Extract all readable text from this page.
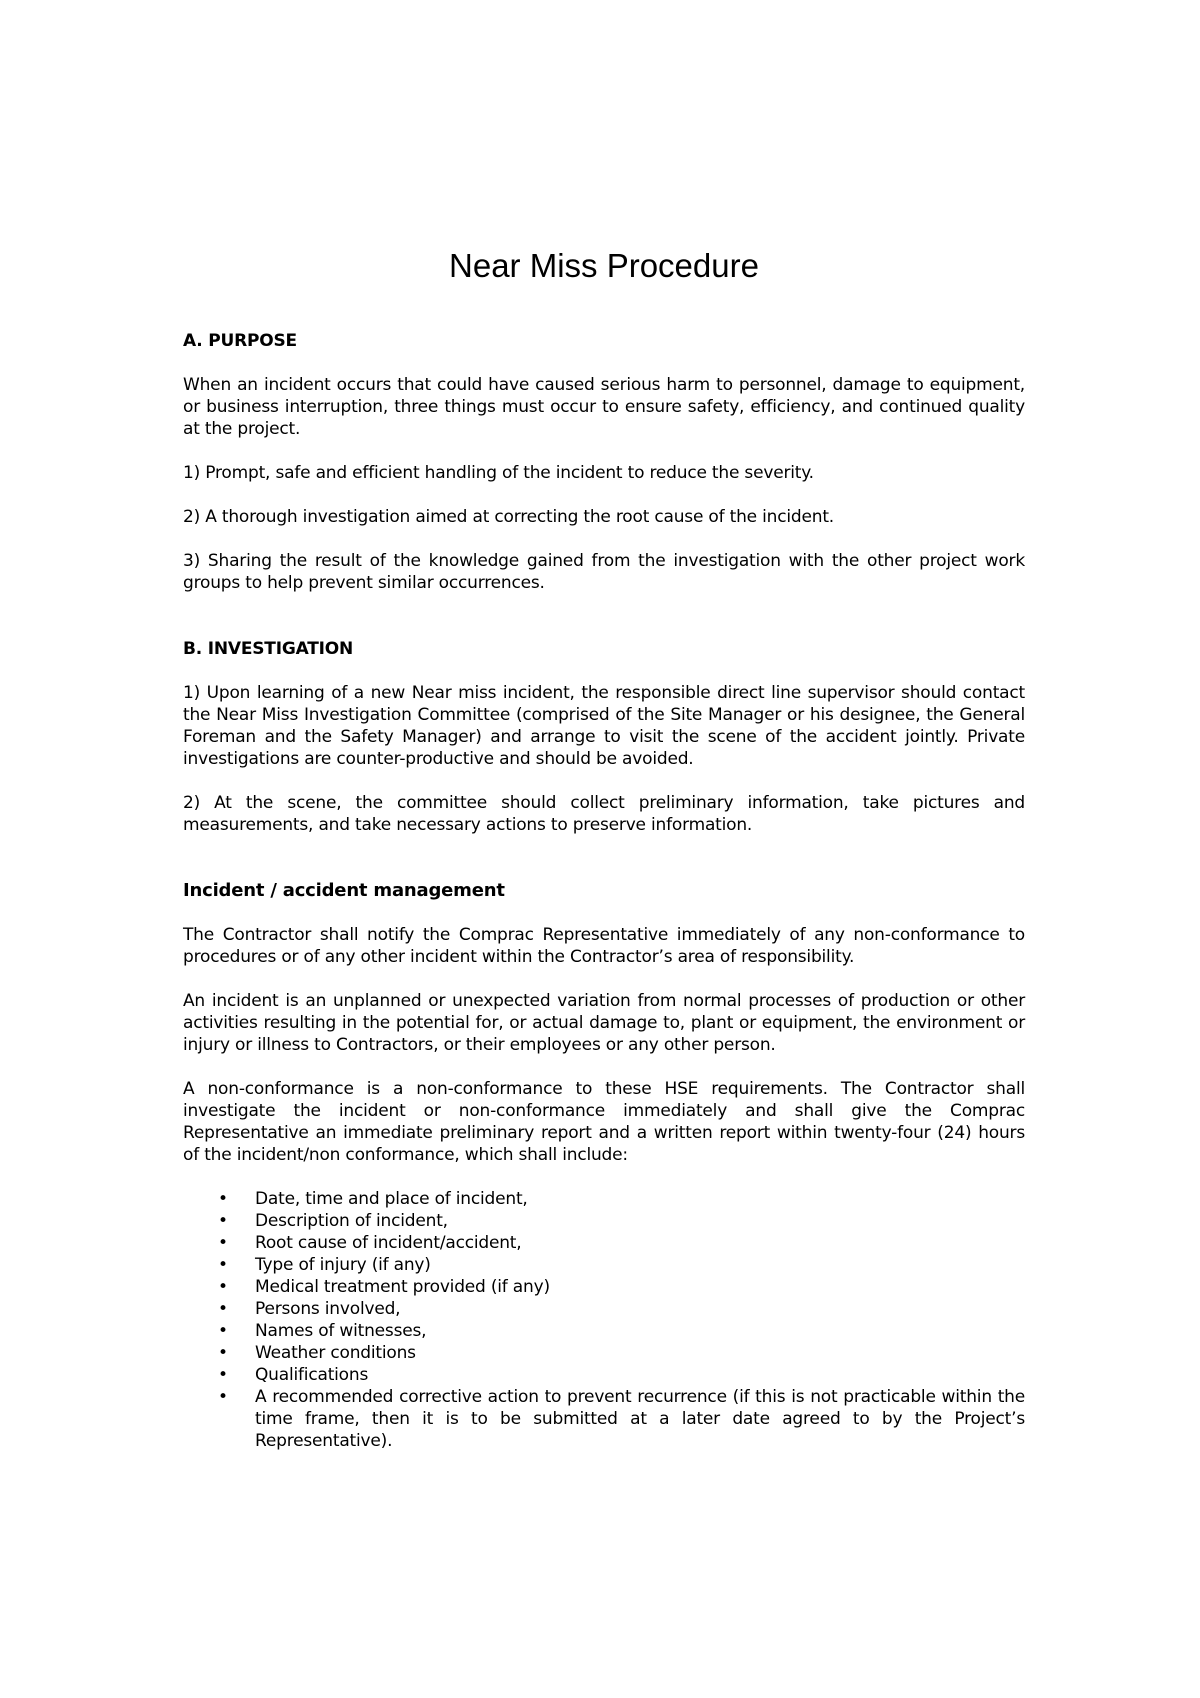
Near Miss Procedure
A. PURPOSE

When an incident occurs that could have caused serious harm to personnel, damage to equipment, or business interruption, three things must occur to ensure safety, efficiency, and continued quality at the project.

1) Prompt, safe and efficient handling of the incident to reduce the severity.

2) A thorough investigation aimed at correcting the root cause of the incident.

3) Sharing the result of the knowledge gained from the investigation with the other project work groups to help prevent similar occurrences.

B. INVESTIGATION

1) Upon learning of a new Near miss incident, the responsible direct line supervisor should contact the Near Miss Investigation Committee (comprised of the Site Manager or his designee, the General Foreman and the Safety Manager) and arrange to visit the scene of the accident jointly. Private investigations are counter-productive and should be avoided.

2) At the scene, the committee should collect preliminary information, take pictures and measurements, and take necessary actions to preserve information.

Incident / accident management

The Contractor shall notify the Comprac Representative immediately of any non-conformance to procedures or of any other incident within the Contractor’s area of responsibility.

An incident is an unplanned or unexpected variation from normal processes of production or other activities resulting in the potential for, or actual damage to, plant or equipment, the environment or injury or illness to Contractors, or their employees or any other person.

A non-conformance is a non-conformance to these HSE requirements. The Contractor shall investigate the incident or non-conformance immediately and shall give the Comprac Representative an immediate preliminary report and a written report within twenty-four (24) hours of the incident/non conformance, which shall include:

• Date, time and place of incident,
• Description of incident,
• Root cause of incident/accident,
• Type of injury (if any)
• Medical treatment provided (if any)
• Persons involved,
• Names of witnesses,
• Weather conditions
• Qualifications
• A recommended corrective action to prevent recurrence (if this is not practicable within the time frame, then it is to be submitted at a later date agreed to by the Project’s Representative).
